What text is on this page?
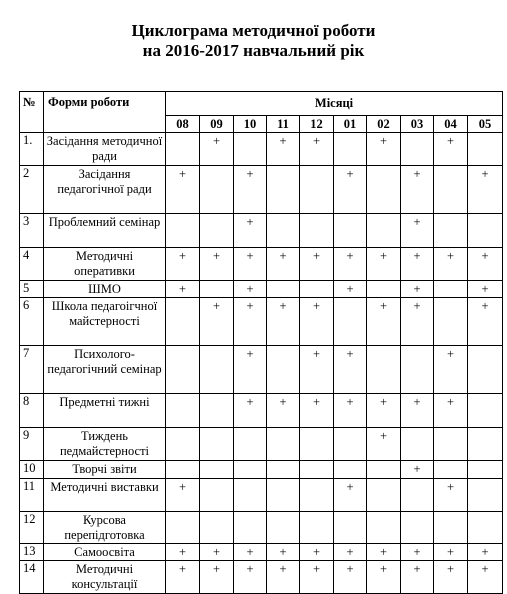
Циклограма методичної роботи
на 2016-2017 навчальний рік
№	Форми роботи	Місяці									
		08	09	10	11	12	01	02	03	04	05
1.	Засідання методичної ради		+		+	+		+		+	
2	Засідання педагогічної ради	+		+			+		+		+
3	Проблемний семінар			+					+		
4	Методичні оперативки	+	+	+	+	+	+	+	+	+	+
5	ШМО	+		+			+		+		+
6	Школа педагоігчної майстерності		+	+	+	+		+	+		+
7	Психолого-педагогічний семінар			+		+	+			+	
8	Предметні тижні			+	+	+	+	+	+	+	
9	Тиждень педмайстерності							+			
10	Творчі звіти								+		
11	Методичні виставки	+					+			+	
12	Курсова перепідготовка										
13	Самоосвіта	+	+	+	+	+	+	+	+	+	+
14	Методичні консультації	+	+	+	+	+	+	+	+	+	+
